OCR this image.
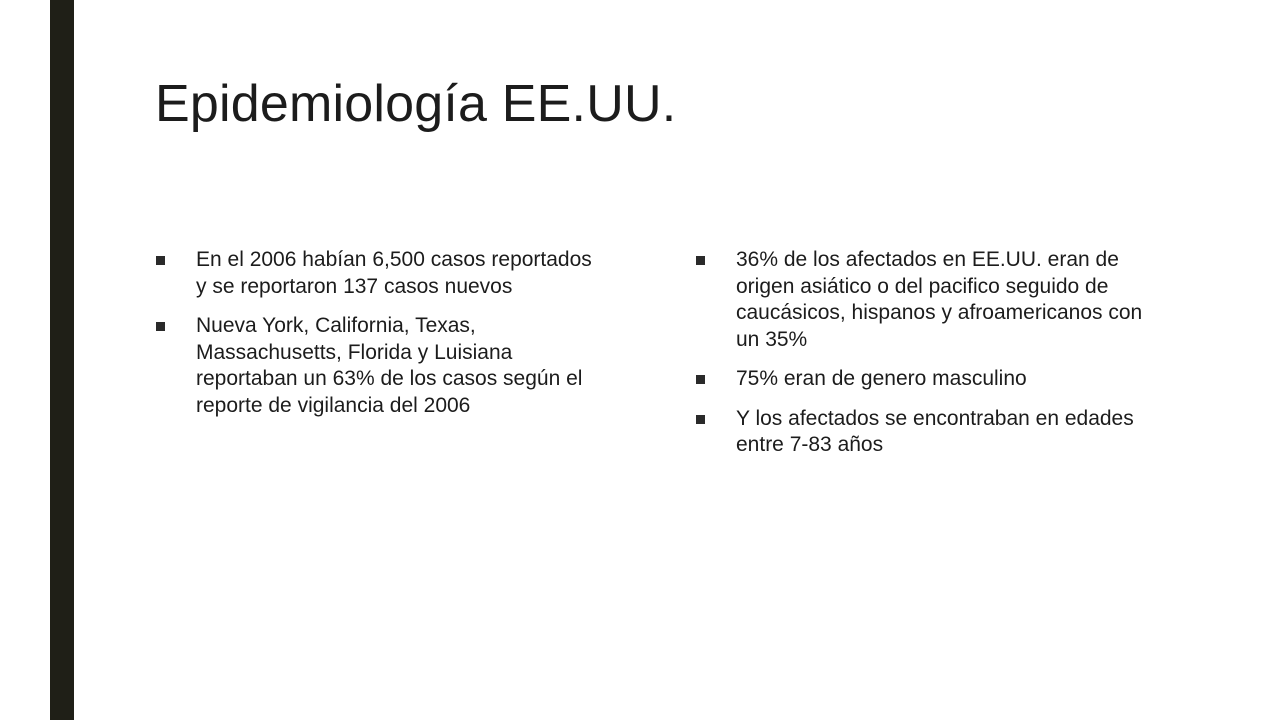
Epidemiología EE.UU.
En el 2006 habían 6,500 casos reportados y se reportaron 137 casos nuevos
Nueva York, California, Texas, Massachusetts, Florida y Luisiana reportaban un 63% de los casos según el reporte de vigilancia del 2006
36% de los afectados en EE.UU. eran de origen asiático o del pacifico seguido de caucásicos, hispanos y afroamericanos con un 35%
75% eran de genero masculino
Y los afectados se encontraban en edades entre 7-83 años
